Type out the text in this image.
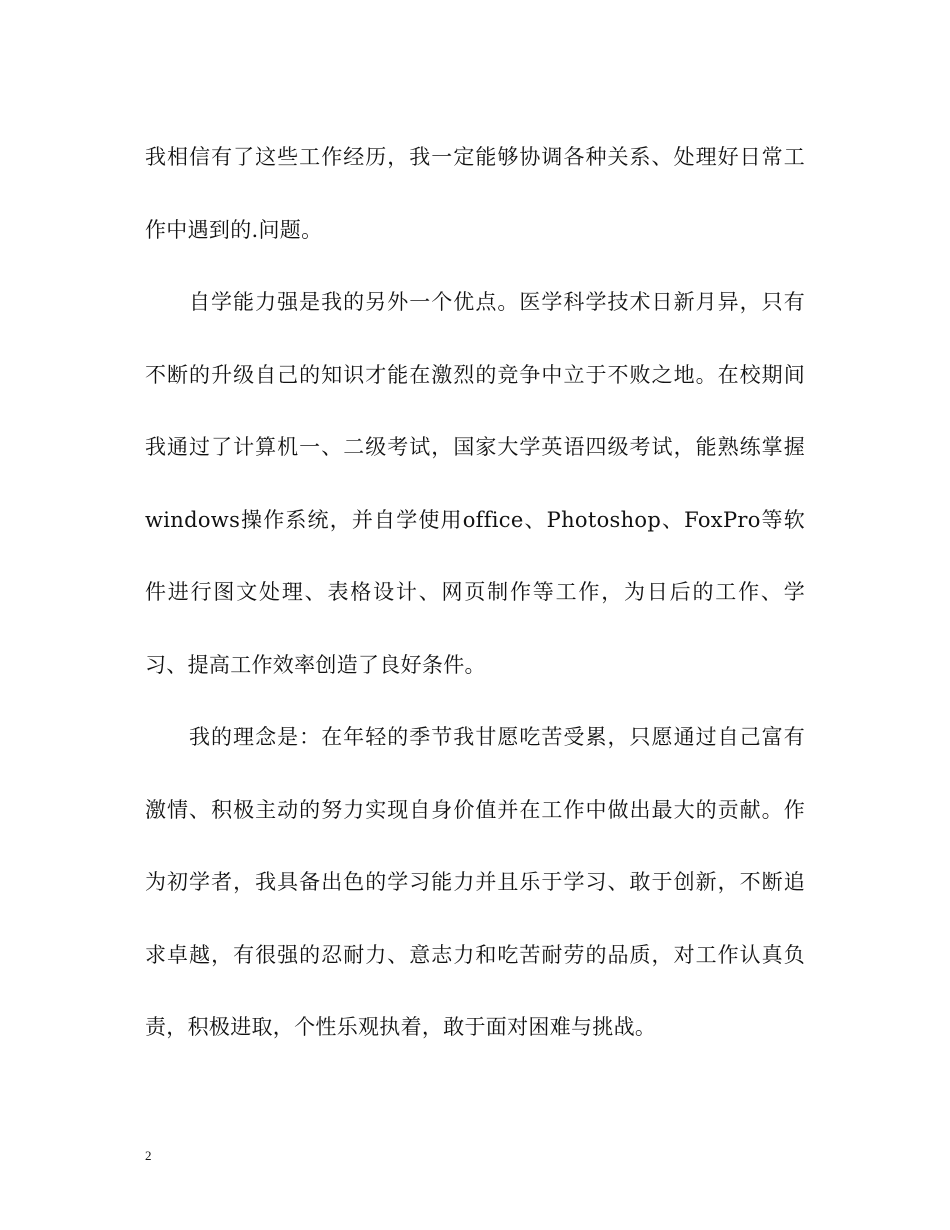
我相信有了这些工作经历，我一定能够协调各种关系、处理好日常工作中遇到的.问题。

自学能力强是我的另外一个优点。医学科学技术日新月异，只有不断的升级自己的知识才能在激烈的竞争中立于不败之地。在校期间我通过了计算机一、二级考试，国家大学英语四级考试，能熟练掌握windows操作系统，并自学使用office、Photoshop、FoxPro等软件进行图文处理、表格设计、网页制作等工作，为日后的工作、学习、提高工作效率创造了良好条件。

我的理念是：在年轻的季节我甘愿吃苦受累，只愿通过自己富有激情、积极主动的努力实现自身价值并在工作中做出最大的贡献。作为初学者，我具备出色的学习能力并且乐于学习、敢于创新，不断追求卓越，有很强的忍耐力、意志力和吃苦耐劳的品质，对工作认真负责，积极进取，个性乐观执着，敢于面对困难与挑战。

2
